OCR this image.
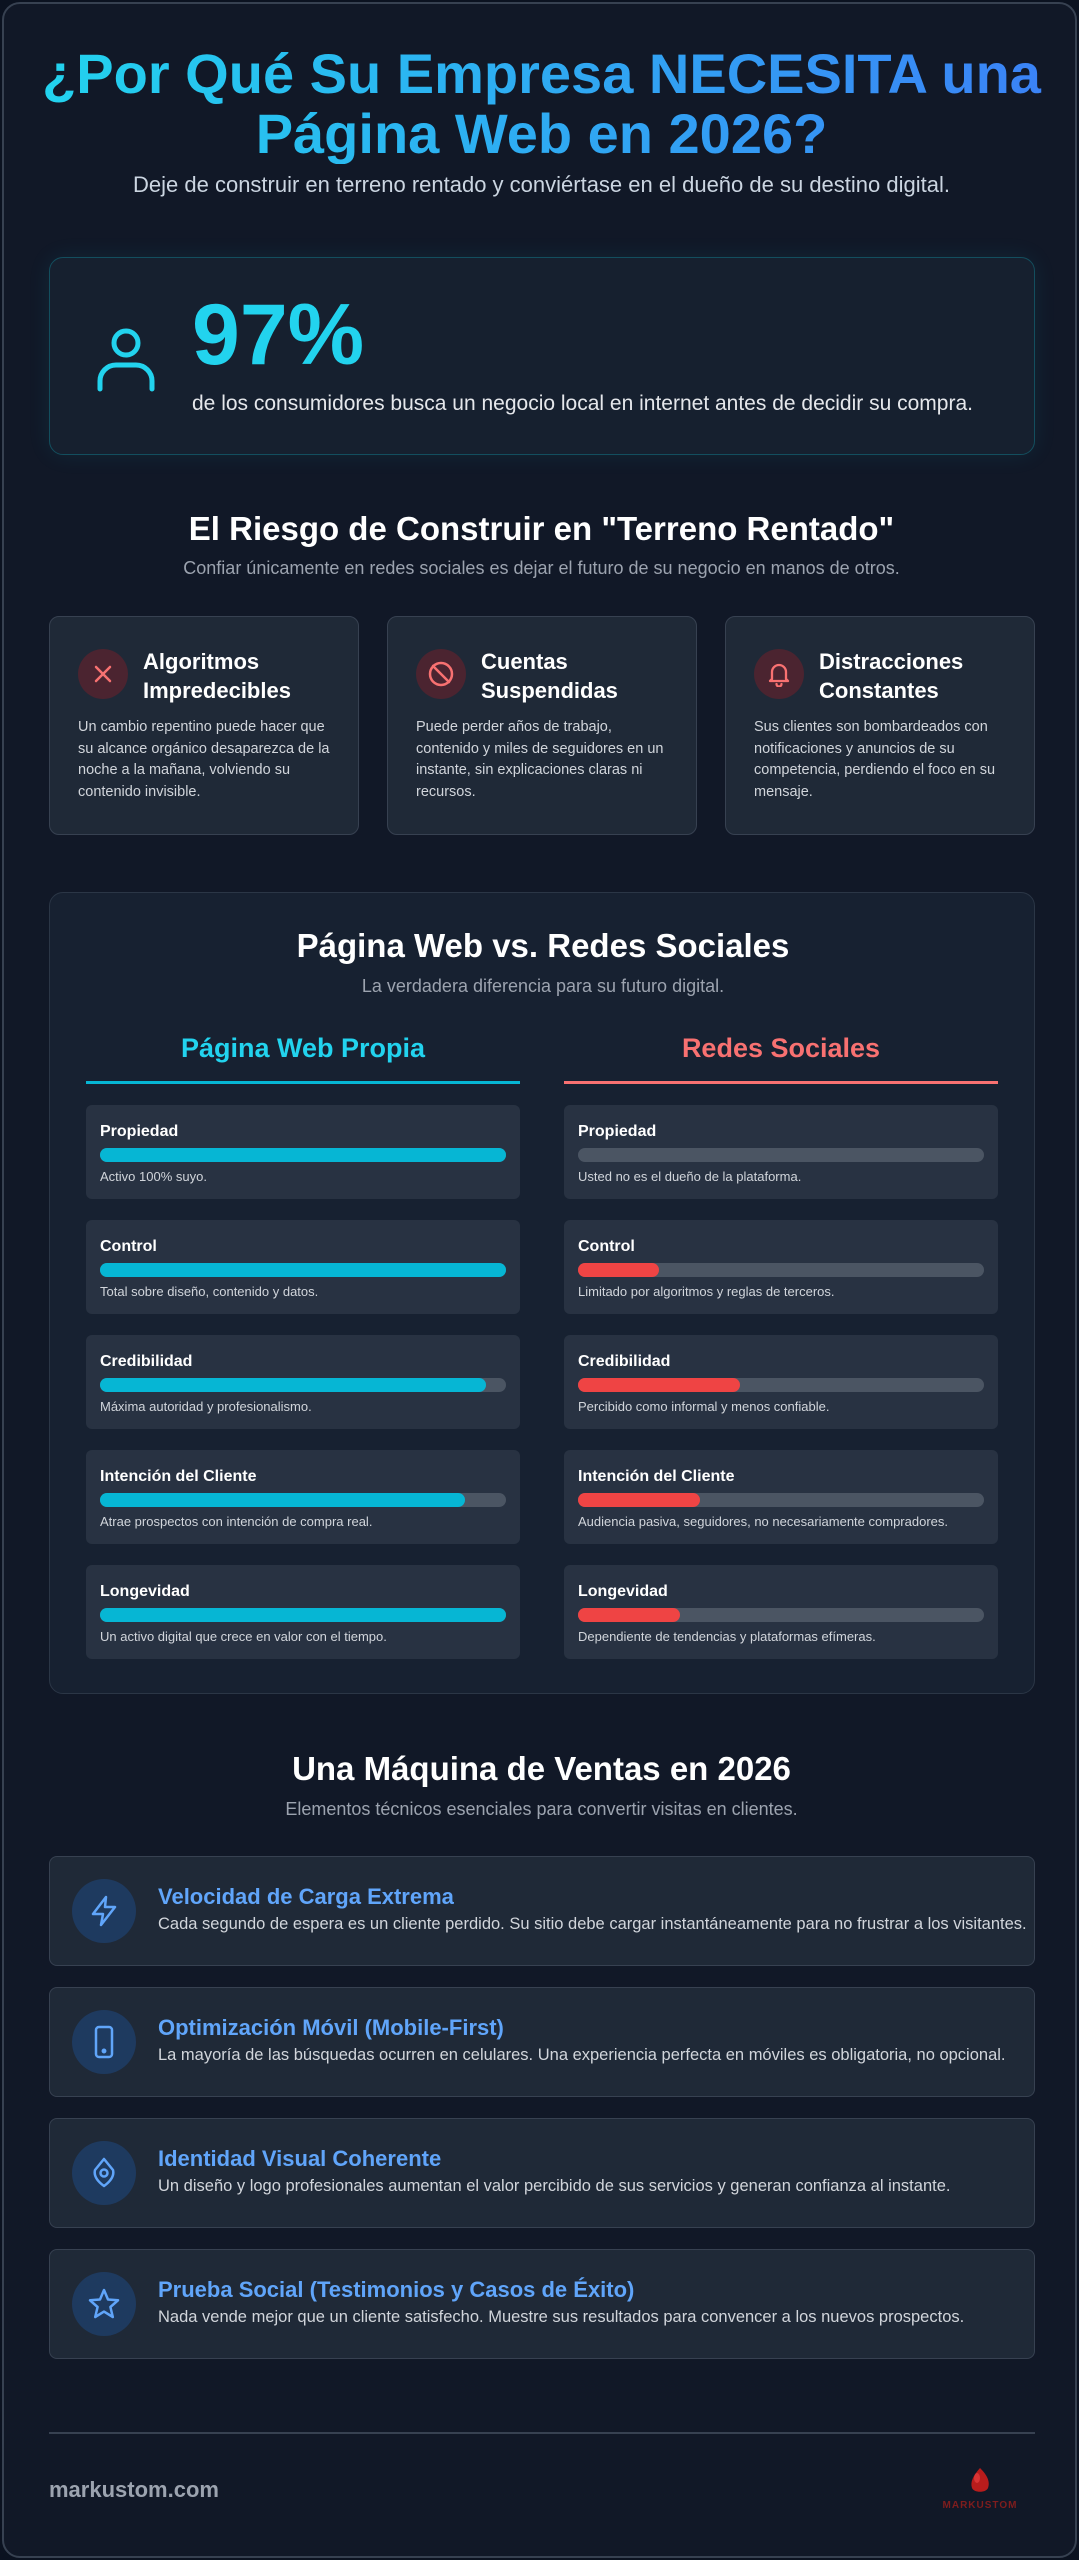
¿Por Qué Su Empresa NECESITA una Página Web en 2026?
Deje de construir en terreno rentado y conviértase en el dueño de su destino digital.
97%
de los consumidores busca un negocio local en internet antes de decidir su compra.
El Riesgo de Construir en "Terreno Rentado"
Confiar únicamente en redes sociales es dejar el futuro de su negocio en manos de otros.
Algoritmos Impredecibles
Un cambio repentino puede hacer que su alcance orgánico desaparezca de la noche a la mañana, volviendo su contenido invisible.
Cuentas Suspendidas
Puede perder años de trabajo, contenido y miles de seguidores en un instante, sin explicaciones claras ni recursos.
Distracciones Constantes
Sus clientes son bombardeados con notificaciones y anuncios de su competencia, perdiendo el foco en su mensaje.
Página Web vs. Redes Sociales
La verdadera diferencia para su futuro digital.
Página Web Propia	Redes Sociales
Propiedad
Activo 100% suyo.
Control
Total sobre diseño, contenido y datos.
Credibilidad
Máxima autoridad y profesionalismo.
Intención del Cliente
Atrae prospectos con intención de compra real.
Longevidad
Un activo digital que crece en valor con el tiempo.
Propiedad
Usted no es el dueño de la plataforma.
Control
Limitado por algoritmos y reglas de terceros.
Credibilidad
Percibido como informal y menos confiable.
Intención del Cliente
Audiencia pasiva, seguidores, no necesariamente compradores.
Longevidad
Dependiente de tendencias y plataformas efímeras.
Una Máquina de Ventas en 2026
Elementos técnicos esenciales para convertir visitas en clientes.
Velocidad de Carga Extrema
Cada segundo de espera es un cliente perdido. Su sitio debe cargar instantáneamente para no frustrar a los visitantes.
Optimización Móvil (Mobile-First)
La mayoría de las búsquedas ocurren en celulares. Una experiencia perfecta en móviles es obligatoria, no opcional.
Identidad Visual Coherente
Un diseño y logo profesionales aumentan el valor percibido de sus servicios y generan confianza al instante.
Prueba Social (Testimonios y Casos de Éxito)
Nada vende mejor que un cliente satisfecho. Muestre sus resultados para convencer a los nuevos prospectos.
markustom.com
MARKUSTOM
